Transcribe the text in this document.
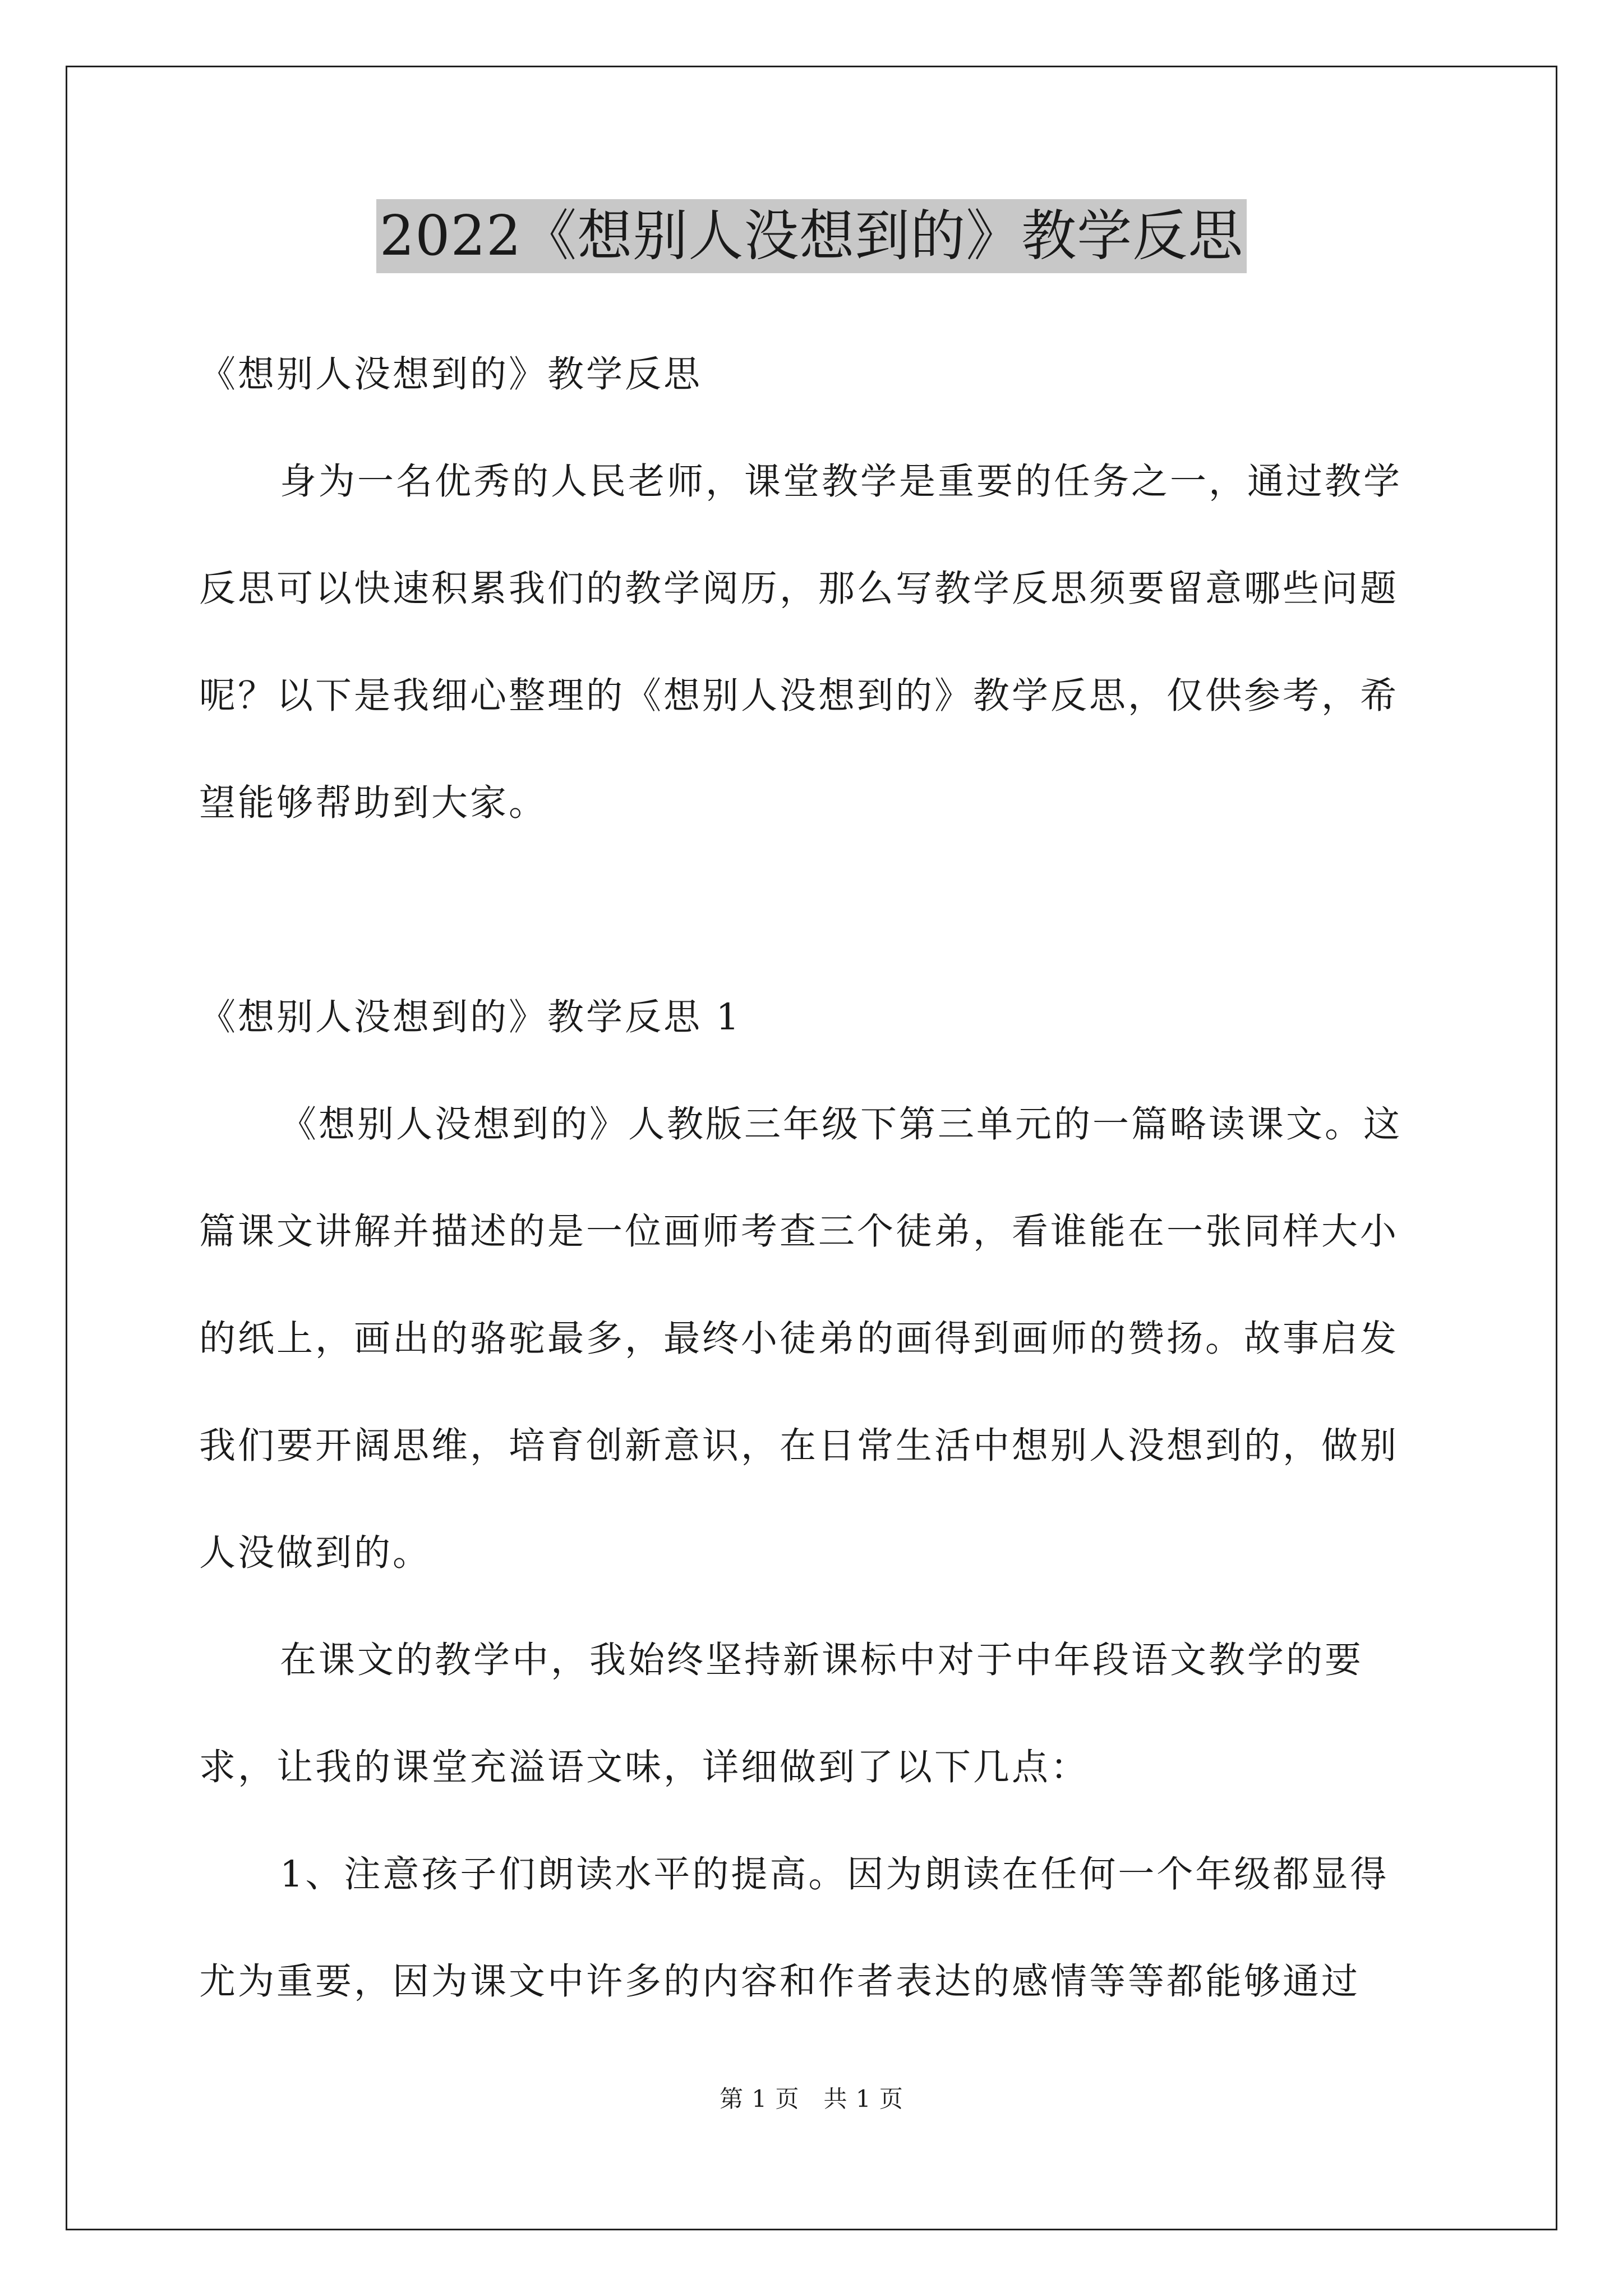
2022《想别人没想到的》教学反思

《想别人没想到的》教学反思

身为一名优秀的人民老师，课堂教学是重要的任务之一，通过教学反思可以快速积累我们的教学阅历，那么写教学反思须要留意哪些问题呢？以下是我细心整理的《想别人没想到的》教学反思，仅供参考，希望能够帮助到大家。

《想别人没想到的》教学反思 1

《想别人没想到的》人教版三年级下第三单元的一篇略读课文。这篇课文讲解并描述的是一位画师考查三个徒弟，看谁能在一张同样大小的纸上，画出的骆驼最多，最终小徒弟的画得到画师的赞扬。故事启发我们要开阔思维，培育创新意识，在日常生活中想别人没想到的，做别人没做到的。

在课文的教学中，我始终坚持新课标中对于中年段语文教学的要求，让我的课堂充溢语文味，详细做到了以下几点：

1、注意孩子们朗读水平的提高。因为朗读在任何一个年级都显得尤为重要，因为课文中许多的内容和作者表达的感情等等都能够通过

第 1 页　共 1 页
